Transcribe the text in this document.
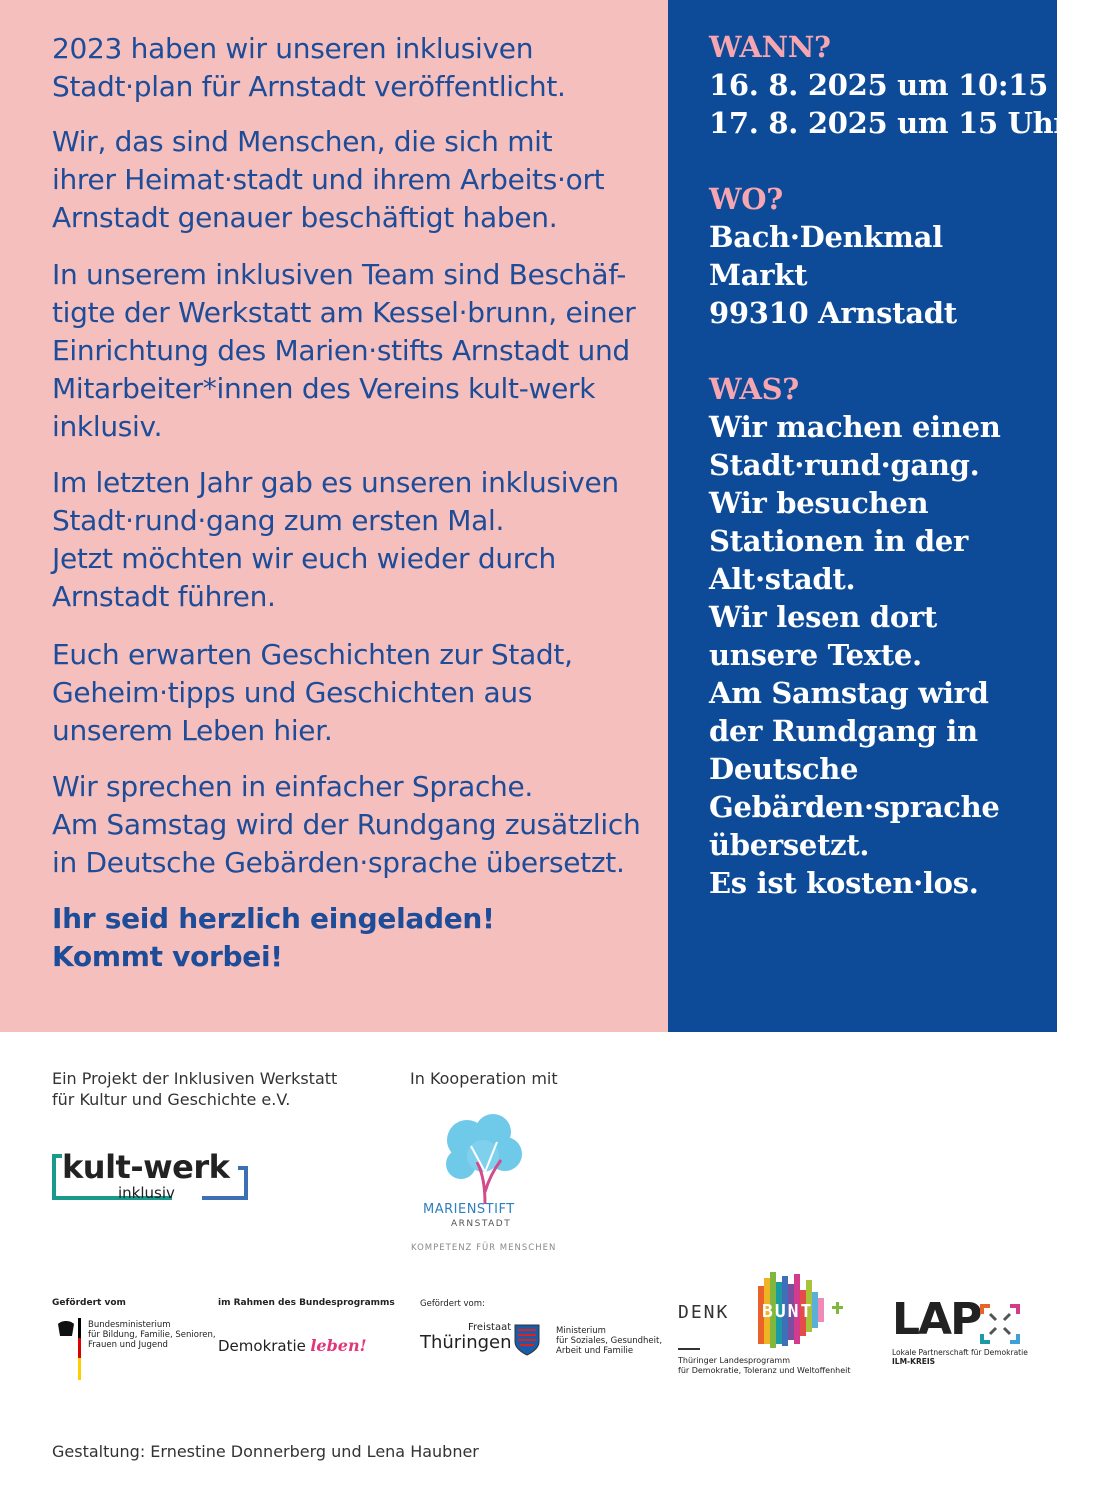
2023 haben wir unseren inklusiven
Stadt·plan für Arnstadt veröffentlicht.

Wir, das sind Menschen, die sich mit
ihrer Heimat·stadt und ihrem Arbeits·ort
Arnstadt genauer beschäftigt haben.

In unserem inklusiven Team sind Beschäf-
tigte der Werkstatt am Kessel·brunn, einer
Einrichtung des Marien·stifts Arnstadt und
Mitarbeiter*innen des Vereins kult-werk
inklusiv.

Im letzten Jahr gab es unseren inklusiven
Stadt·rund·gang zum ersten Mal.
Jetzt möchten wir euch wieder durch
Arnstadt führen.

Euch erwarten Geschichten zur Stadt,
Geheim·tipps und Geschichten aus
unserem Leben hier.

Wir sprechen in einfacher Sprache.
Am Samstag wird der Rundgang zusätzlich
in Deutsche Gebärden·sprache übersetzt.

Ihr seid herzlich eingeladen!
Kommt vorbei!

WANN?
16. 8. 2025 um 10:15 Uhr
17. 8. 2025 um 15 Uhr

WO?
Bach·Denkmal
Markt
99310 Arnstadt

WAS?
Wir machen einen
Stadt·rund·gang.
Wir besuchen
Stationen in der
Alt·stadt.
Wir lesen dort
unsere Texte.
Am Samstag wird
der Rundgang in
Deutsche
Gebärden·sprache
übersetzt.
Es ist kosten·los.

Ein Projekt der Inklusiven Werkstatt
für Kultur und Geschichte e.V.

In Kooperation mit

kult-werk
inklusiv
MARIENSTIFT
ARNSTADT
KOMPETENZ FÜR MENSCHEN

Gefördert vom

Bundesministerium
für Bildung, Familie, Senioren,
Frauen und Jugend

im Rahmen des Bundesprogramms

Demokratie leben!

Gefördert vom:

Freistaat
Thüringen

Ministerium
für Soziales, Gesundheit,
Arbeit und Familie

DENK BUNT

Thüringer Landesprogramm
für Demokratie, Toleranz und Weltoffenheit

LAP

Lokale Partnerschaft für Demokratie
ILM-KREIS

Gestaltung: Ernestine Donnerberg und Lena Haubner
